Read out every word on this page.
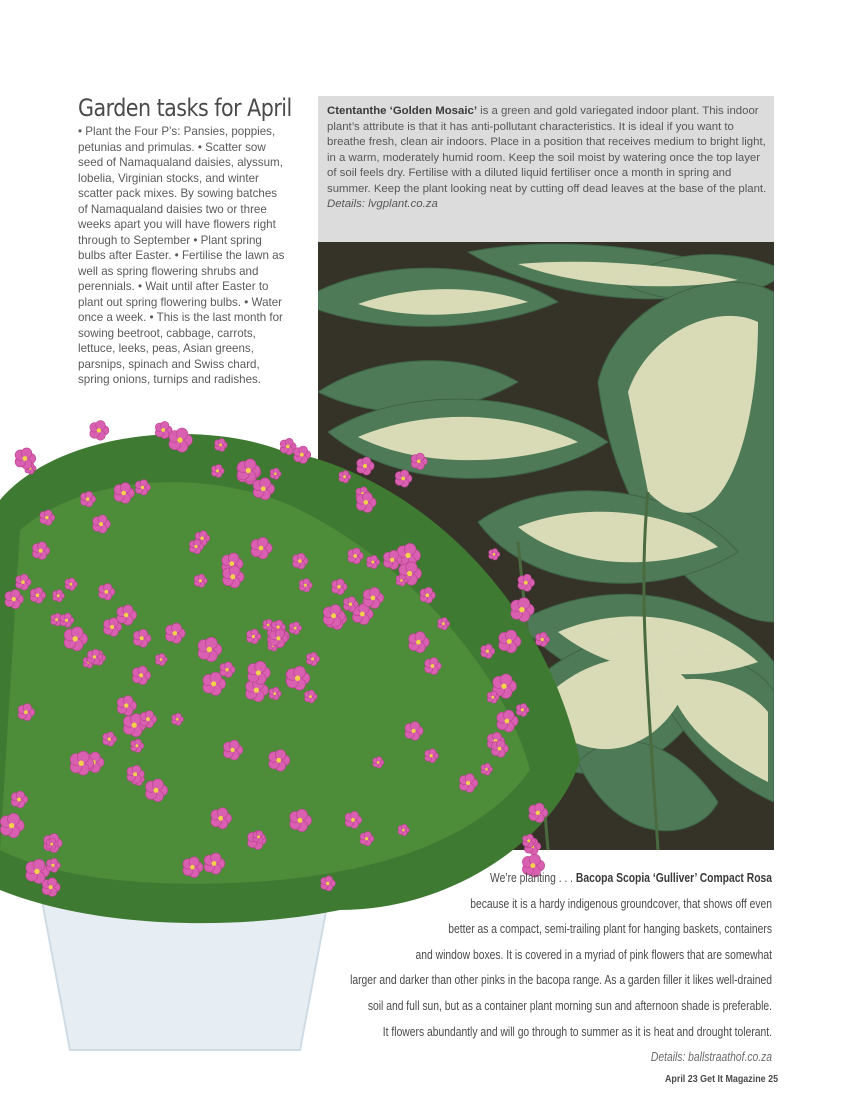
Garden tasks for April

• Plant the Four P’s: Pansies, poppies, petunias and primulas. • Scatter sow seed of Namaqualand daisies, alyssum, lobelia, Virginian stocks, and winter scatter pack mixes. By sowing batches of Namaqualand daisies two or three weeks apart you will have flowers right through to September • Plant spring bulbs after Easter. • Fertilise the lawn as well as spring flowering shrubs and perennials. • Wait until after Easter to plant out spring flowering bulbs. • Water once a week. • This is the last month for sowing beetroot, cabbage, carrots, lettuce, leeks, peas, Asian greens, parsnips, spinach and Swiss chard, spring onions, turnips and radishes.

Ctentanthe ‘Golden Mosaic’ is a green and gold variegated indoor plant. This indoor plant’s attribute is that it has anti-pollutant characteristics. It is ideal if you want to breathe fresh, clean air indoors. Place in a position that receives medium to bright light, in a warm, moderately humid room. Keep the soil moist by watering once the top layer of soil feels dry. Fertilise with a diluted liquid fertiliser once a month in spring and summer. Keep the plant looking neat by cutting off dead leaves at the base of the plant.
Details: lvgplant.co.za
We’re planting . . . Bacopa Scopia ‘Gulliver’ Compact Rosa
because it is a hardy indigenous groundcover, that shows off even
better as a compact, semi-trailing plant for hanging baskets, containers
and window boxes. It is covered in a myriad of pink flowers that are somewhat
larger and darker than other pinks in the bacopa range. As a garden filler it likes well-drained
soil and full sun, but as a container plant morning sun and afternoon shade is preferable.
It flowers abundantly and will go through to summer as it is heat and drought tolerant.
Details: ballstraathof.co.za
April 23 Get It Magazine 25
